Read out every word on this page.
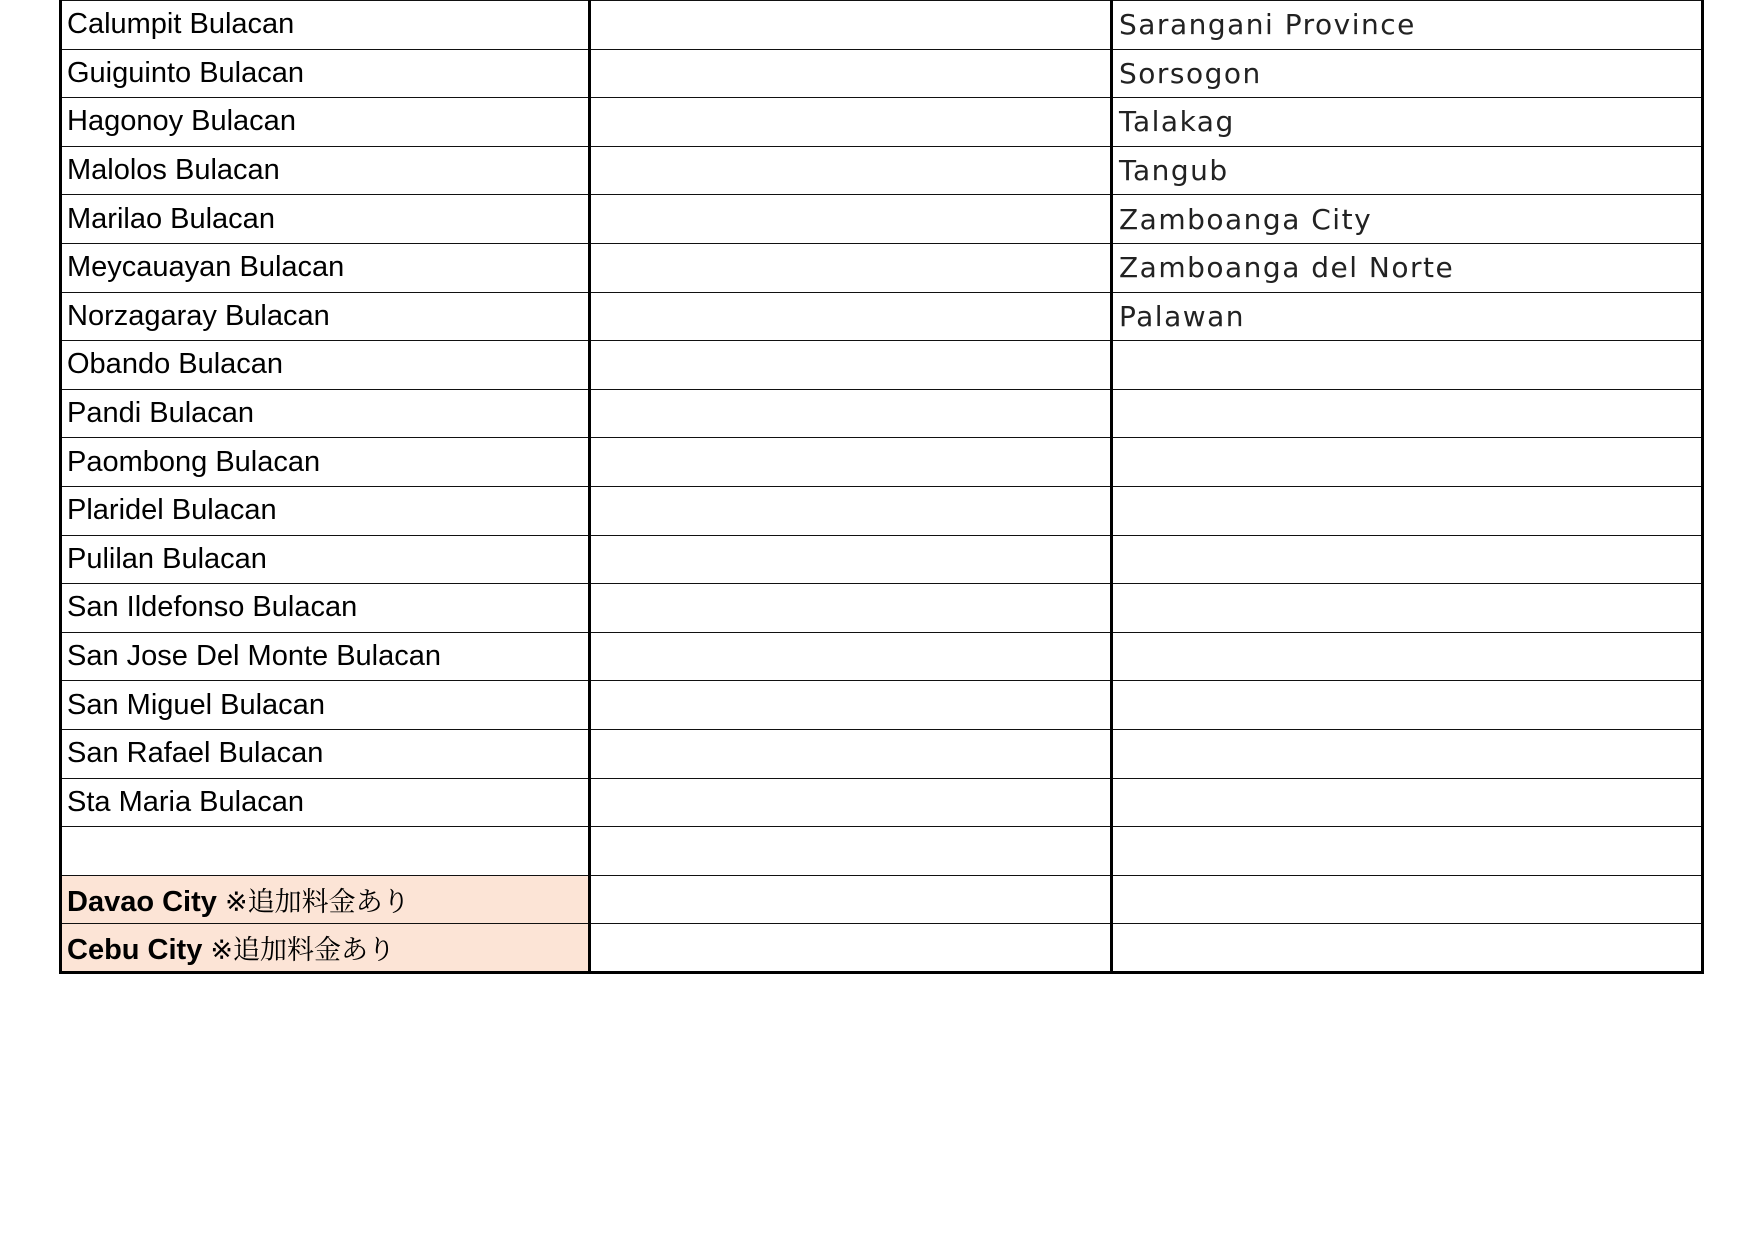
Calumpit Bulacan		Sarangani Province
Guiguinto Bulacan		Sorsogon
Hagonoy Bulacan		Talakag
Malolos Bulacan		Tangub
Marilao Bulacan		Zamboanga City
Meycauayan Bulacan		Zamboanga del Norte
Norzagaray Bulacan		Palawan
Obando Bulacan		
Pandi Bulacan		
Paombong Bulacan		
Plaridel Bulacan		
Pulilan Bulacan		
San Ildefonso Bulacan		
San Jose Del Monte Bulacan		
San Miguel Bulacan		
San Rafael Bulacan		
Sta Maria Bulacan		

Davao City ※追加料金あり		
Cebu City ※追加料金あり		
